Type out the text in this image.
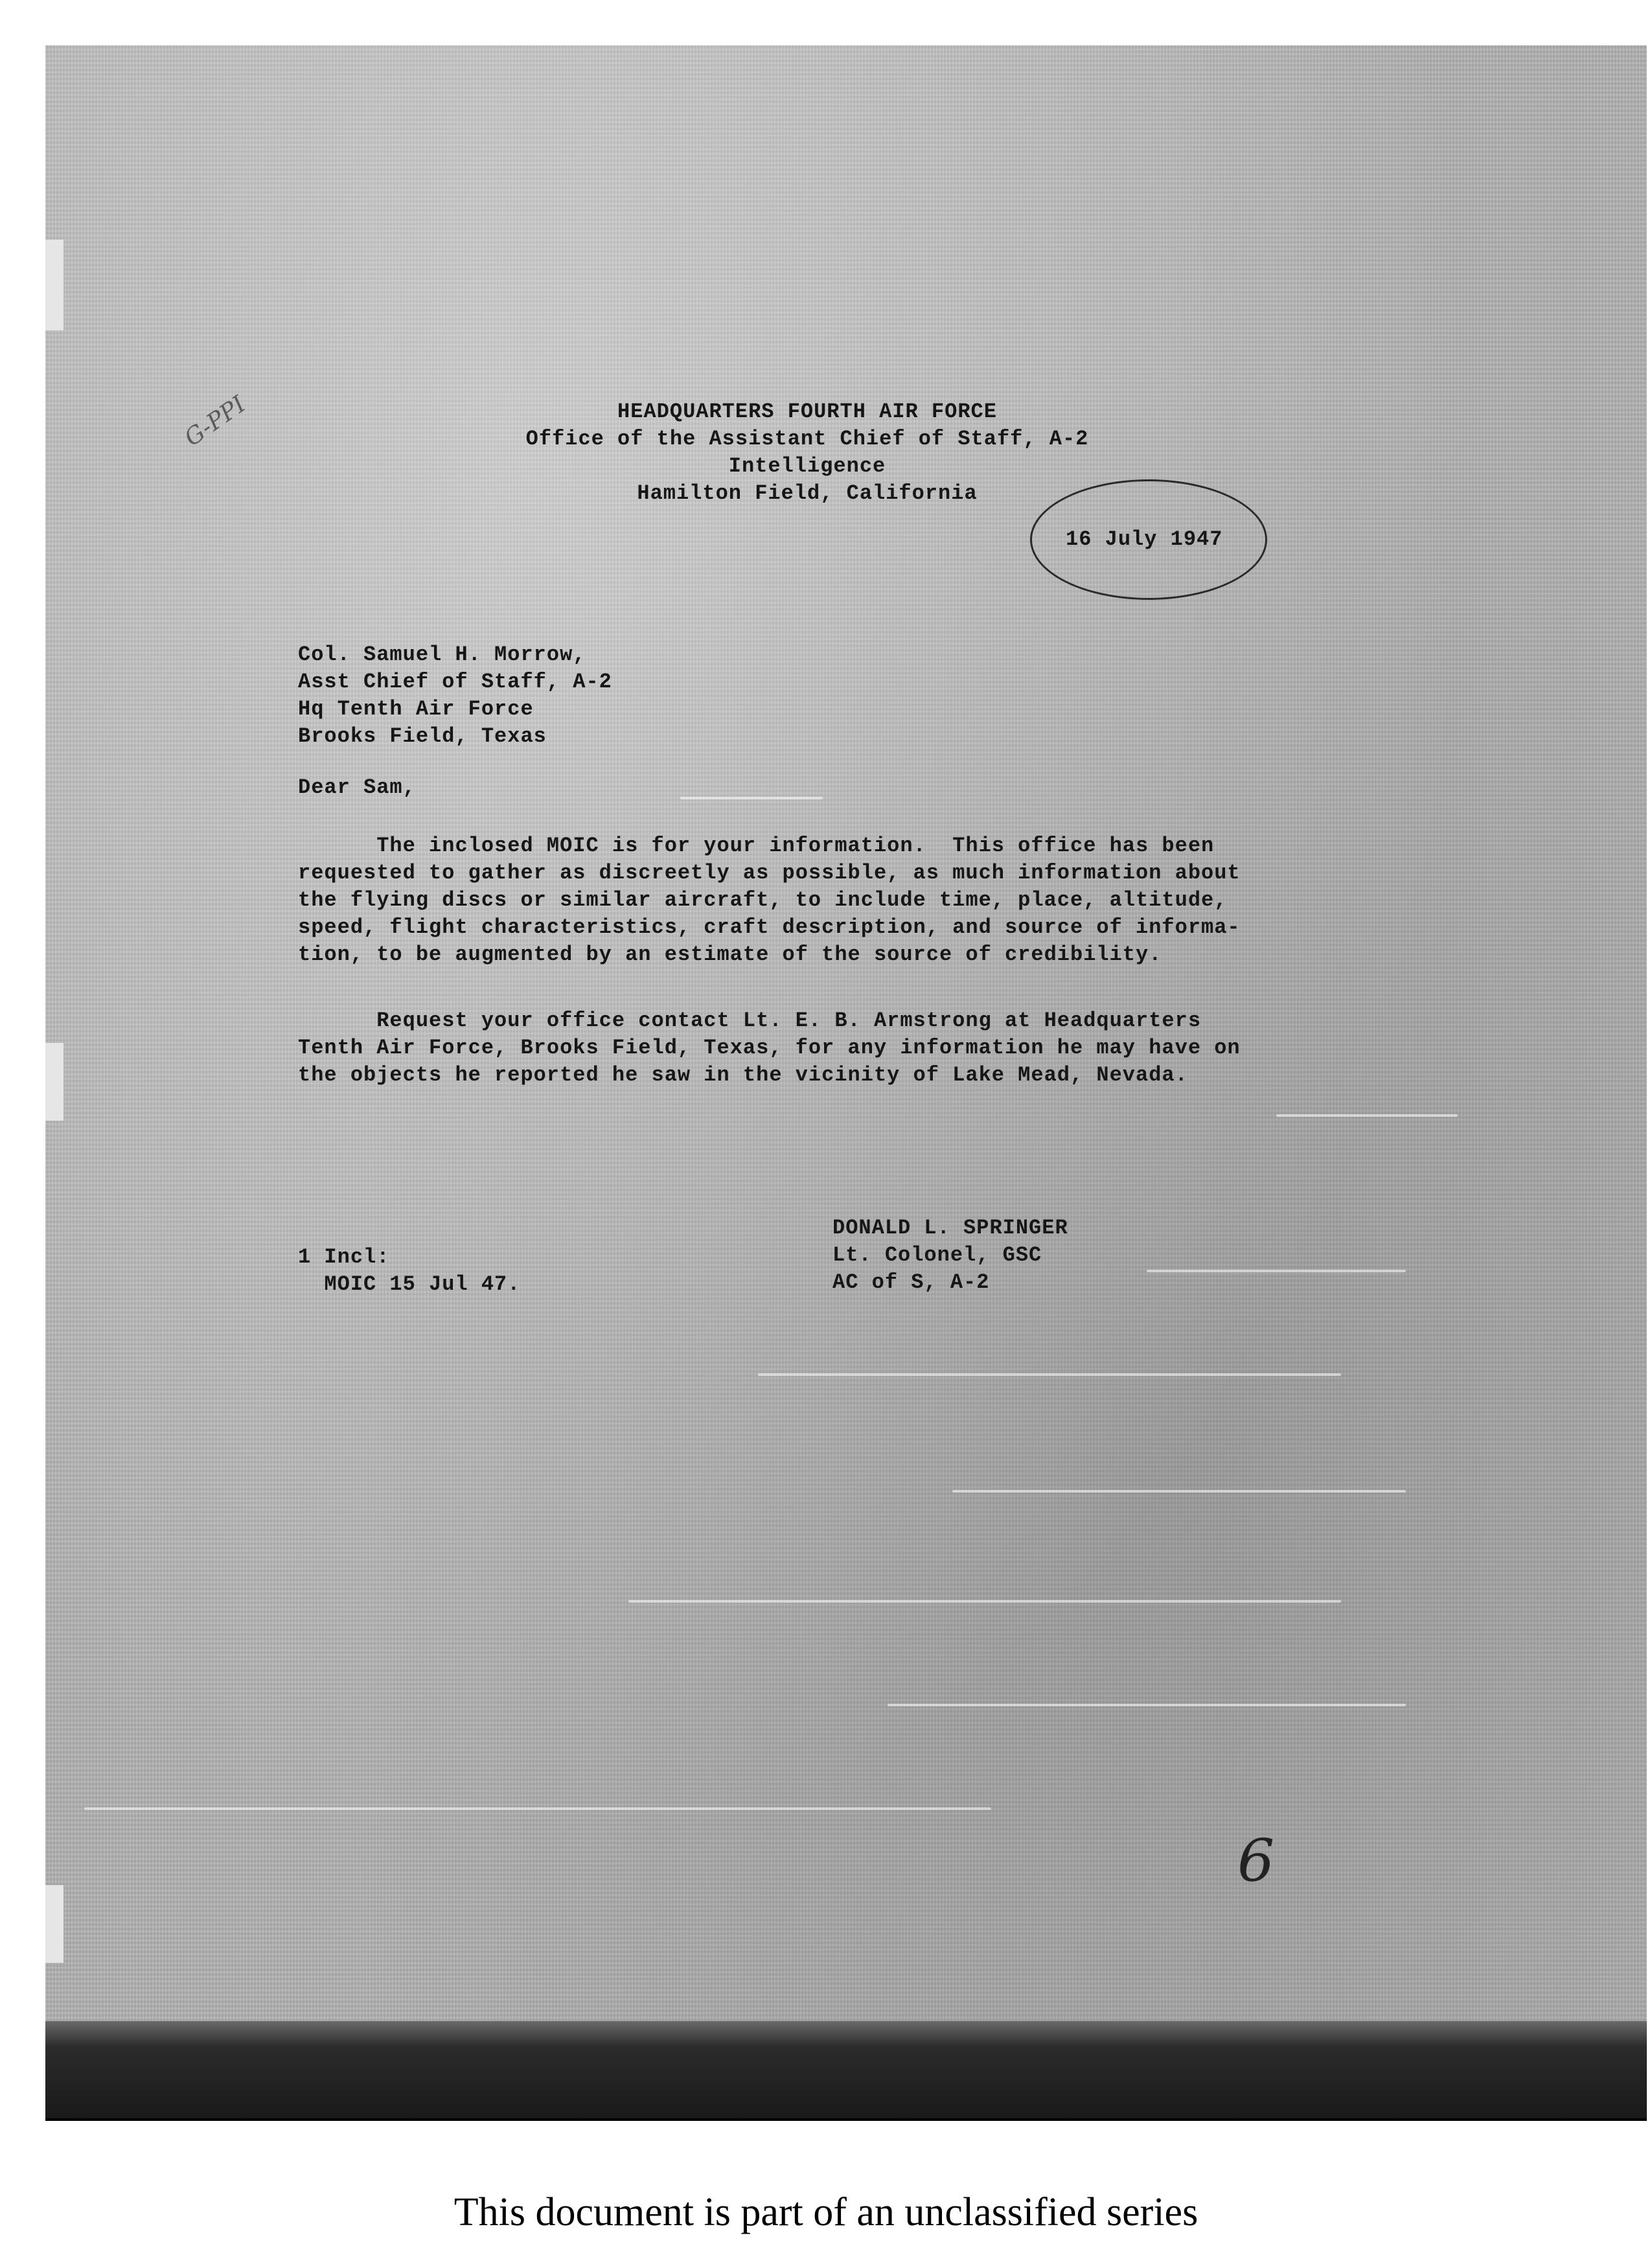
G-PPI	HEADQUARTERS FOURTH AIR FORCE
Office of the Assistant Chief of Staff, A-2
Intelligence
Hamilton Field, California
16 July 1947
Col. Samuel H. Morrow,
Asst Chief of Staff, A-2
Hq Tenth Air Force
Brooks Field, Texas
Dear Sam,
The inclosed MOIC is for your information.  This office has been
requested to gather as discreetly as possible, as much information about
the flying discs or similar aircraft, to include time, place, altitude,
speed, flight characteristics, craft description, and source of informa-
tion, to be augmented by an estimate of the source of credibility.
Request your office contact Lt. E. B. Armstrong at Headquarters
Tenth Air Force, Brooks Field, Texas, for any information he may have on
the objects he reported he saw in the vicinity of Lake Mead, Nevada.
1 Incl:
MOIC 15 Jul 47.
DONALD L. SPRINGER
Lt. Colonel, GSC
AC of S, A-2
6
This document is part of an unclassified series
